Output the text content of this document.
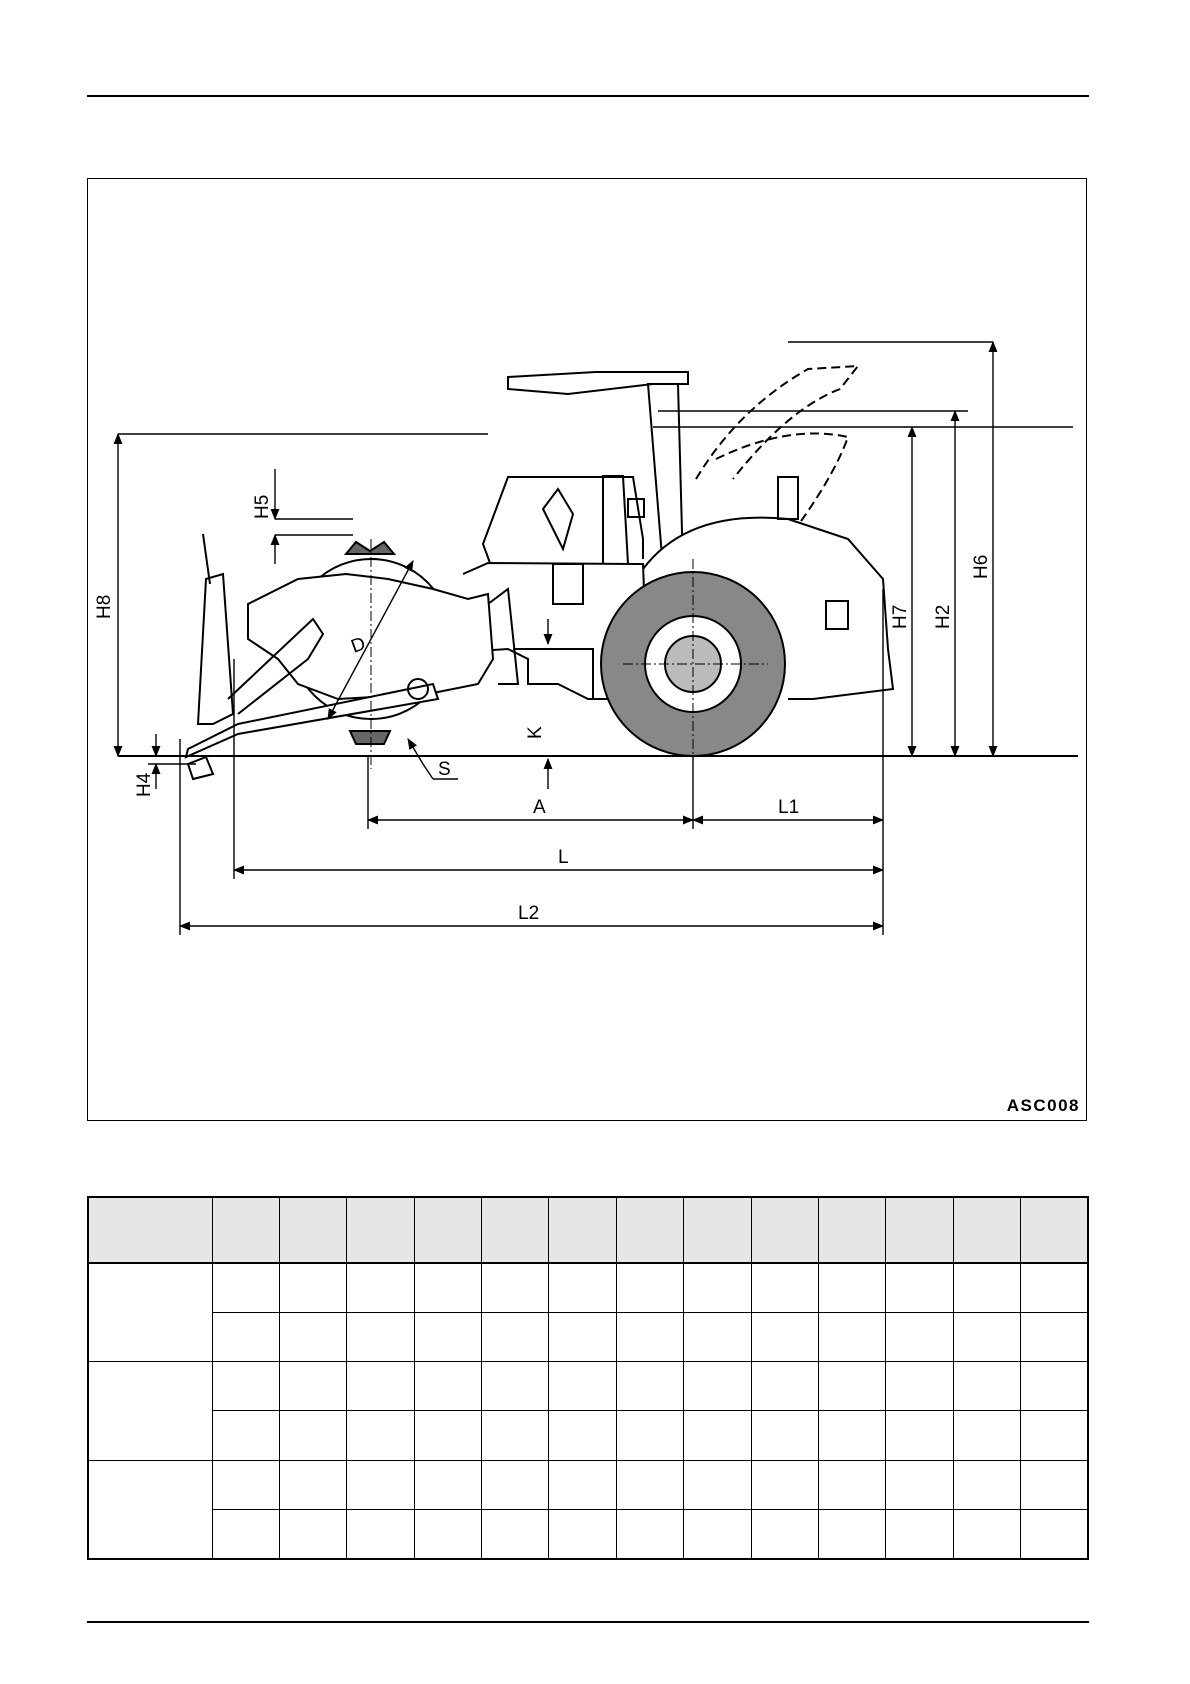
A	L1
L
L2
S
D
H8
H5
H4
K
H7 H2
H6
ASC008
